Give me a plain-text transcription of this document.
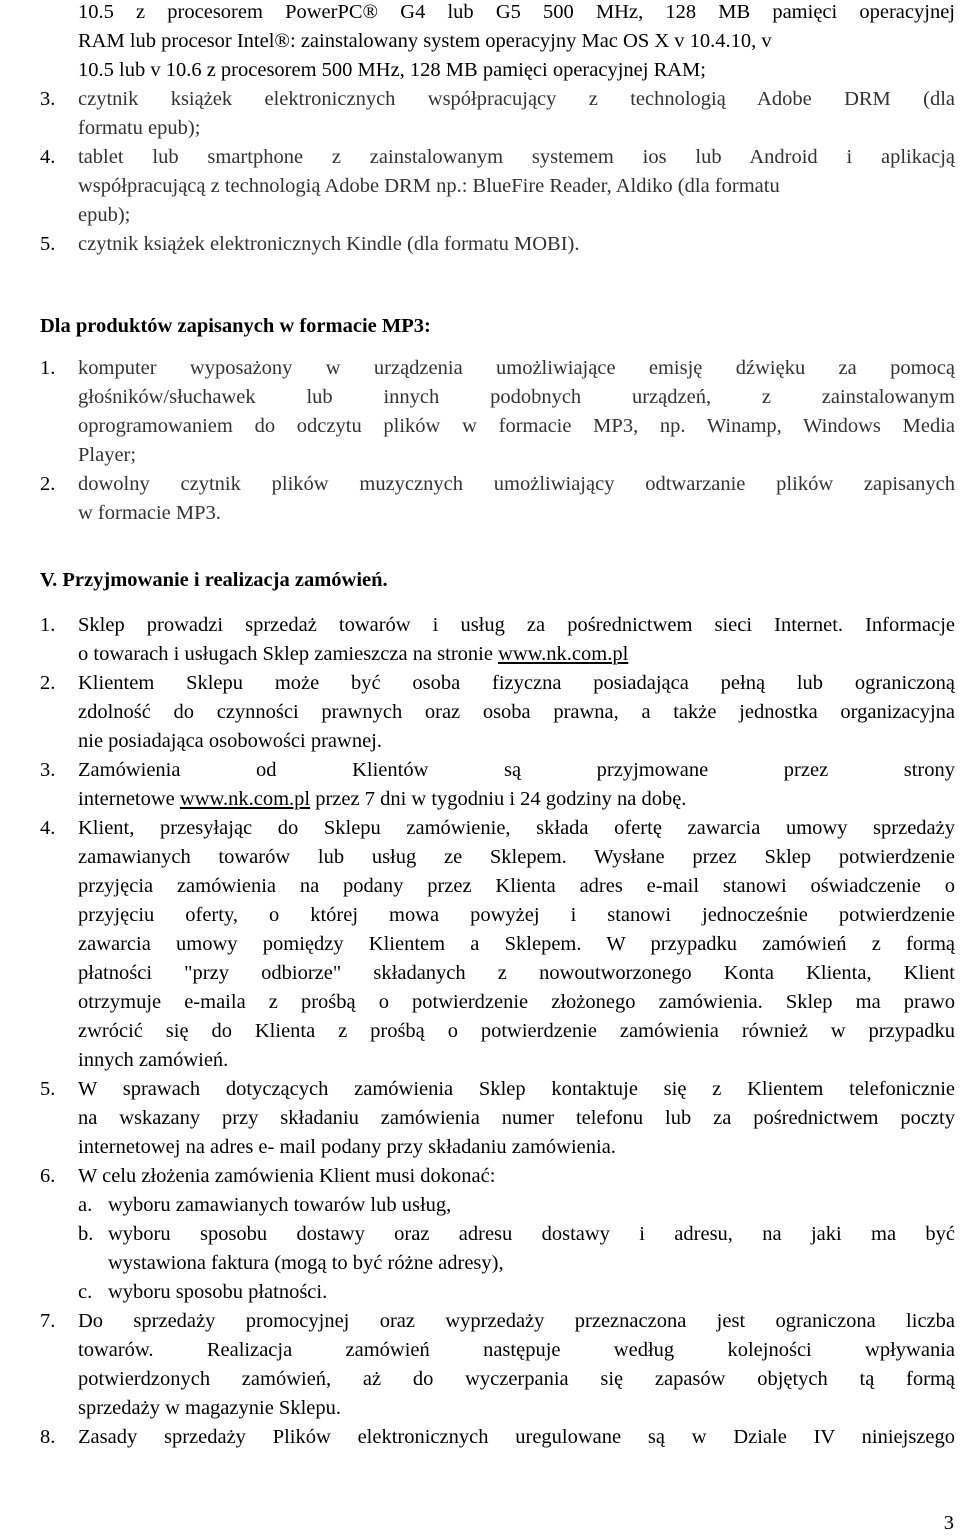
10.5 z procesorem PowerPC® G4 lub G5 500 MHz, 128 MB pamięci operacyjnej
RAM lub procesor Intel®: zainstalowany system operacyjny Mac OS X v 10.4.10, v
10.5 lub v 10.6 z procesorem 500 MHz, 128 MB pamięci operacyjnej RAM;
3. czytnik książek elektronicznych współpracujący z technologią Adobe DRM (dla
formatu epub);
4. tablet lub smartphone z zainstalowanym systemem ios lub Android i aplikacją
współpracującą z technologią Adobe DRM np.: BlueFire Reader, Aldiko (dla formatu
epub);
5. czytnik książek elektronicznych Kindle (dla formatu MOBI).
Dla produktów zapisanych w formacie MP3:
1. komputer wyposażony w urządzenia umożliwiające emisję dźwięku za pomocą
głośników/słuchawek lub innych podobnych urządzeń, z zainstalowanym
oprogramowaniem do odczytu plików w formacie MP3, np. Winamp, Windows Media
Player;
2. dowolny czytnik plików muzycznych umożliwiający odtwarzanie plików zapisanych
w formacie MP3.
V. Przyjmowanie i realizacja zamówień.
1. Sklep prowadzi sprzedaż towarów i usług za pośrednictwem sieci Internet. Informacje
o towarach i usługach Sklep zamieszcza na stronie www.nk.com.pl
2. Klientem Sklepu może być osoba fizyczna posiadająca pełną lub ograniczoną
zdolność do czynności prawnych oraz osoba prawna, a także jednostka organizacyjna
nie posiadająca osobowości prawnej.
3. Zamówienia od Klientów są przyjmowane przez strony
internetowe www.nk.com.pl przez 7 dni w tygodniu i 24 godziny na dobę.
4. Klient, przesyłając do Sklepu zamówienie, składa ofertę zawarcia umowy sprzedaży
zamawianych towarów lub usług ze Sklepem. Wysłane przez Sklep potwierdzenie
przyjęcia zamówienia na podany przez Klienta adres e-mail stanowi oświadczenie o
przyjęciu oferty, o której mowa powyżej i stanowi jednocześnie potwierdzenie
zawarcia umowy pomiędzy Klientem a Sklepem. W przypadku zamówień z formą
płatności "przy odbiorze" składanych z nowoutworzonego Konta Klienta, Klient
otrzymuje e-maila z prośbą o potwierdzenie złożonego zamówienia. Sklep ma prawo
zwrócić się do Klienta z prośbą o potwierdzenie zamówienia również w przypadku
innych zamówień.
5. W sprawach dotyczących zamówienia Sklep kontaktuje się z Klientem telefonicznie
na wskazany przy składaniu zamówienia numer telefonu lub za pośrednictwem poczty
internetowej na adres e- mail podany przy składaniu zamówienia.
6. W celu złożenia zamówienia Klient musi dokonać:
a. wyboru zamawianych towarów lub usług,
b. wyboru sposobu dostawy oraz adresu dostawy i adresu, na jaki ma być
wystawiona faktura (mogą to być różne adresy),
c. wyboru sposobu płatności.
7. Do sprzedaży promocyjnej oraz wyprzedaży przeznaczona jest ograniczona liczba
towarów. Realizacja zamówień następuje według kolejności wpływania
potwierdzonych zamówień, aż do wyczerpania się zapasów objętych tą formą
sprzedaży w magazynie Sklepu.
8. Zasady sprzedaży Plików elektronicznych uregulowane są w Dziale IV niniejszego
3
